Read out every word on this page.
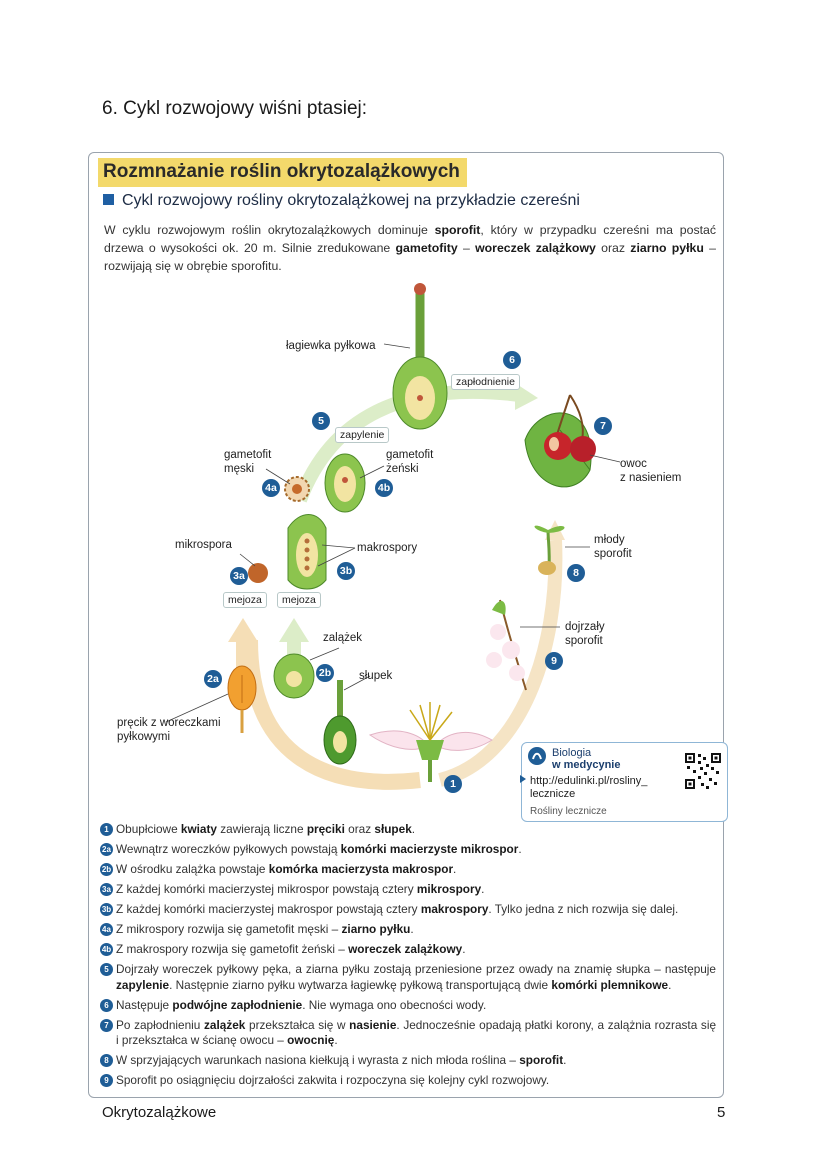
6. Cykl rozwojowy wiśni ptasiej:
Rozmnażanie roślin okrytozalążkowych
Cykl rozwojowy rośliny okrytozalążkowej na przykładzie czereśni
W cyklu rozwojowym roślin okrytozalążkowych dominuje sporofit, który w przypadku czereśni ma postać drzewa o wysokości ok. 20 m. Silnie zredukowane gametofity – woreczek zalążkowy oraz ziarno pyłku – rozwijają się w obrębie sporofitu.
łagiewka pyłkowa
zapłodnienie
zapylenie
gametofit
męski
gametofit
żeński	owoc
z nasieniem
mikrospora	makrospory
młody
sporofit
mejoza	mejoza
dojrzały
sporofit
zalążek
słupek
pręcik z woreczkami
pyłkowymi
6
5	7
4a	4b
3a	3b	8
2a	2b
9
1
Biologia
w medycynie
http://edulinki.pl/rosliny_
lecznicze
Rośliny lecznicze
1 Obupłciowe kwiaty zawierają liczne pręciki oraz słupek.
2a Wewnątrz woreczków pyłkowych powstają komórki macierzyste mikrospor.
2b W ośrodku zalążka powstaje komórka macierzysta makrospor.
3a Z każdej komórki macierzystej mikrospor powstają cztery mikrospory.
3b Z każdej komórki macierzystej makrospor powstają cztery makrospory. Tylko jedna z nich rozwija się dalej.
4a Z mikrospory rozwija się gametofit męski – ziarno pyłku.
4b Z makrospory rozwija się gametofit żeński – woreczek zalążkowy.
5 Dojrzały woreczek pyłkowy pęka, a ziarna pyłku zostają przeniesione przez owady na znamię słupka – następuje zapylenie. Następnie ziarno pyłku wytwarza łagiewkę pyłkową transportującą dwie komórki plemnikowe.
6 Następuje podwójne zapłodnienie. Nie wymaga ono obecności wody.
7 Po zapłodnieniu zalążek przekształca się w nasienie. Jednocześnie opadają płatki korony, a zalążnia rozrasta się i przekształca w ścianę owocu – owocnię.
8 W sprzyjających warunkach nasiona kiełkują i wyrasta z nich młoda roślina – sporofit.
9 Sporofit po osiągnięciu dojrzałości zakwita i rozpoczyna się kolejny cykl rozwojowy.
Okrytozalążkowe	5
